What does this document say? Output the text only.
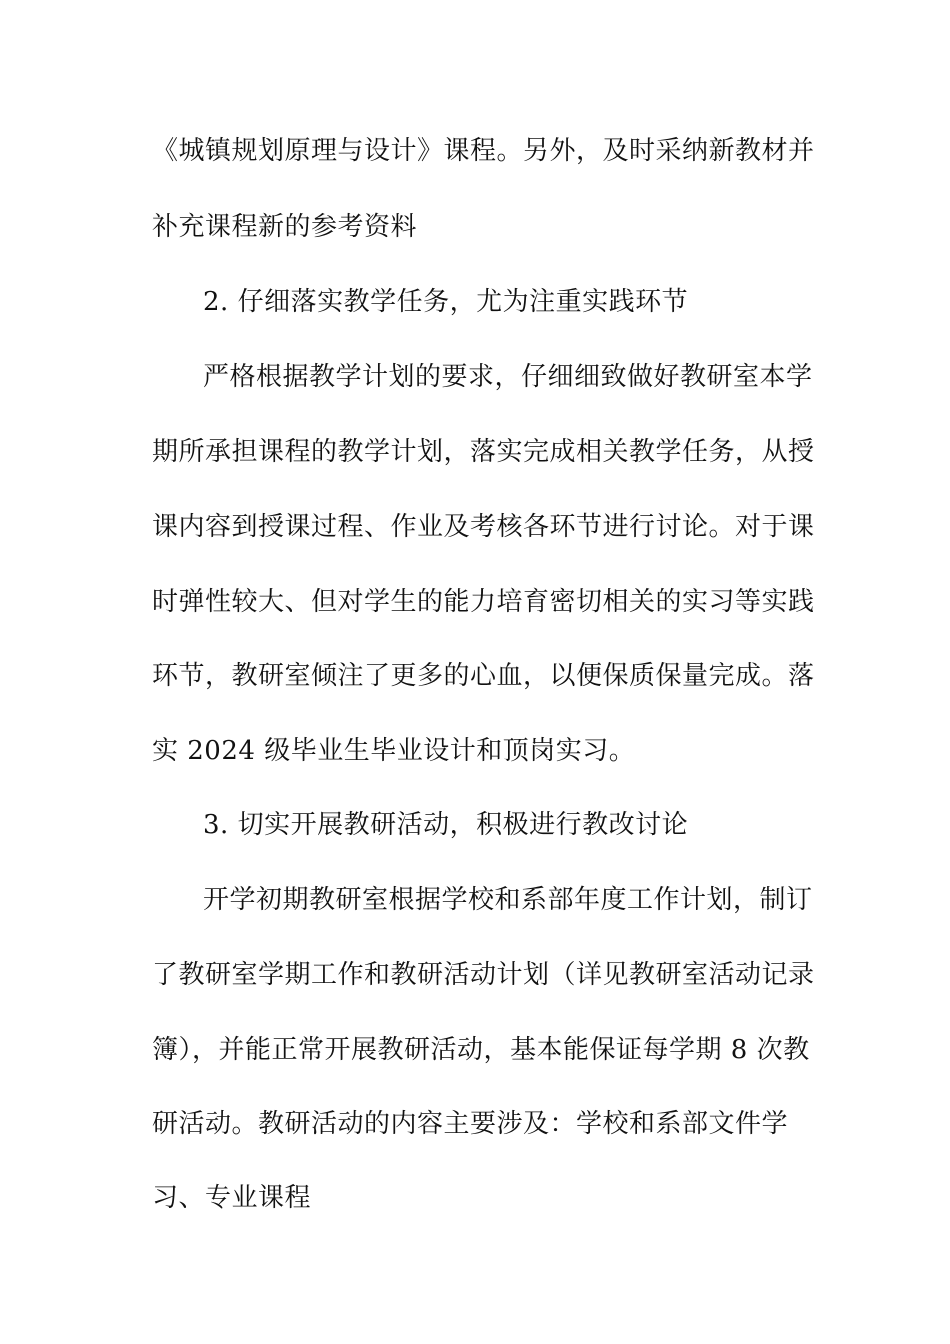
《城镇规划原理与设计》课程。另外，及时采纳新教材并
补充课程新的参考资料
2. 仔细落实教学任务，尤为注重实践环节
严格根据教学计划的要求，仔细细致做好教研室本学
期所承担课程的教学计划，落实完成相关教学任务，从授
课内容到授课过程、作业及考核各环节进行讨论。对于课
时弹性较大、但对学生的能力培育密切相关的实习等实践
环节，教研室倾注了更多的心血，以便保质保量完成。落
实 2024 级毕业生毕业设计和顶岗实习。
3. 切实开展教研活动，积极进行教改讨论
开学初期教研室根据学校和系部年度工作计划，制订
了教研室学期工作和教研活动计划（详见教研室活动记录
簿），并能正常开展教研活动，基本能保证每学期 8 次教
研活动。教研活动的内容主要涉及：学校和系部文件学
习、专业课程
